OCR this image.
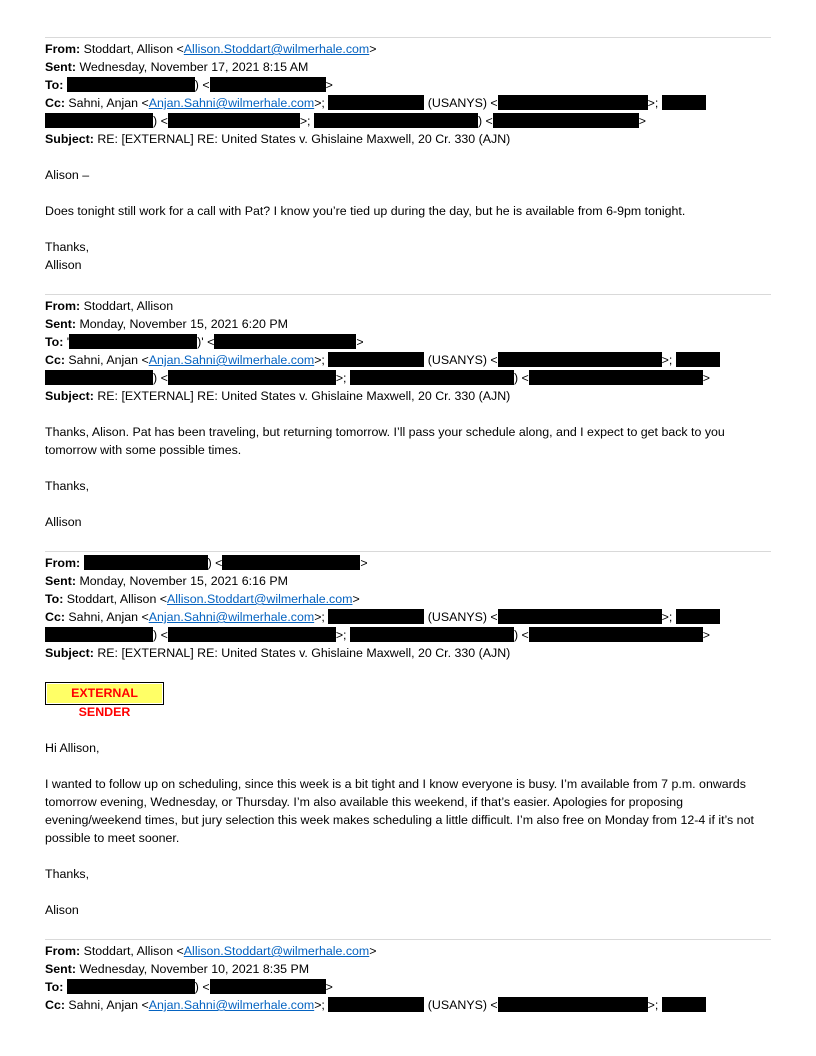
From: Stoddart, Allison <Allison.Stoddart@wilmerhale.com>
Sent: Wednesday, November 17, 2021 8:15 AM
To:	) <	>
Cc: Sahni, Anjan <Anjan.Sahni@wilmerhale.com>;	(USANYS) <	>;
) <	>;	) <	>
Subject: RE: [EXTERNAL] RE: United States v. Ghislaine Maxwell, 20 Cr. 330 (AJN)
Alison –
Does tonight still work for a call with Pat? I know you’re tied up during the day, but he is available from 6-9pm tonight.
Thanks,
Allison
From: Stoddart, Allison
Sent: Monday, November 15, 2021 6:20 PM
To: '	)' <	>
Cc: Sahni, Anjan <Anjan.Sahni@wilmerhale.com>;	(USANYS) <	>;
) <	>;	) <	>
Subject: RE: [EXTERNAL] RE: United States v. Ghislaine Maxwell, 20 Cr. 330 (AJN)
Thanks, Alison. Pat has been traveling, but returning tomorrow. I’ll pass your schedule along, and I expect to get back to you tomorrow with some possible times.
Thanks,
Allison
From:	) <	>
Sent: Monday, November 15, 2021 6:16 PM
To: Stoddart, Allison <Allison.Stoddart@wilmerhale.com>
Cc: Sahni, Anjan <Anjan.Sahni@wilmerhale.com>;	(USANYS) <	>;
) <	>;	) <	>
Subject: RE: [EXTERNAL] RE: United States v. Ghislaine Maxwell, 20 Cr. 330 (AJN)
EXTERNAL SENDER
Hi Allison,
I wanted to follow up on scheduling, since this week is a bit tight and I know everyone is busy. I’m available from 7 p.m. onwards tomorrow evening, Wednesday, or Thursday. I’m also available this weekend, if that’s easier. Apologies for proposing evening/weekend times, but jury selection this week makes scheduling a little difficult. I’m also free on Monday from 12-4 if it’s not possible to meet sooner.
Thanks,
Alison
From: Stoddart, Allison <Allison.Stoddart@wilmerhale.com>
Sent: Wednesday, November 10, 2021 8:35 PM
To:	) <	>
Cc: Sahni, Anjan <Anjan.Sahni@wilmerhale.com>;	(USANYS) <	>;
